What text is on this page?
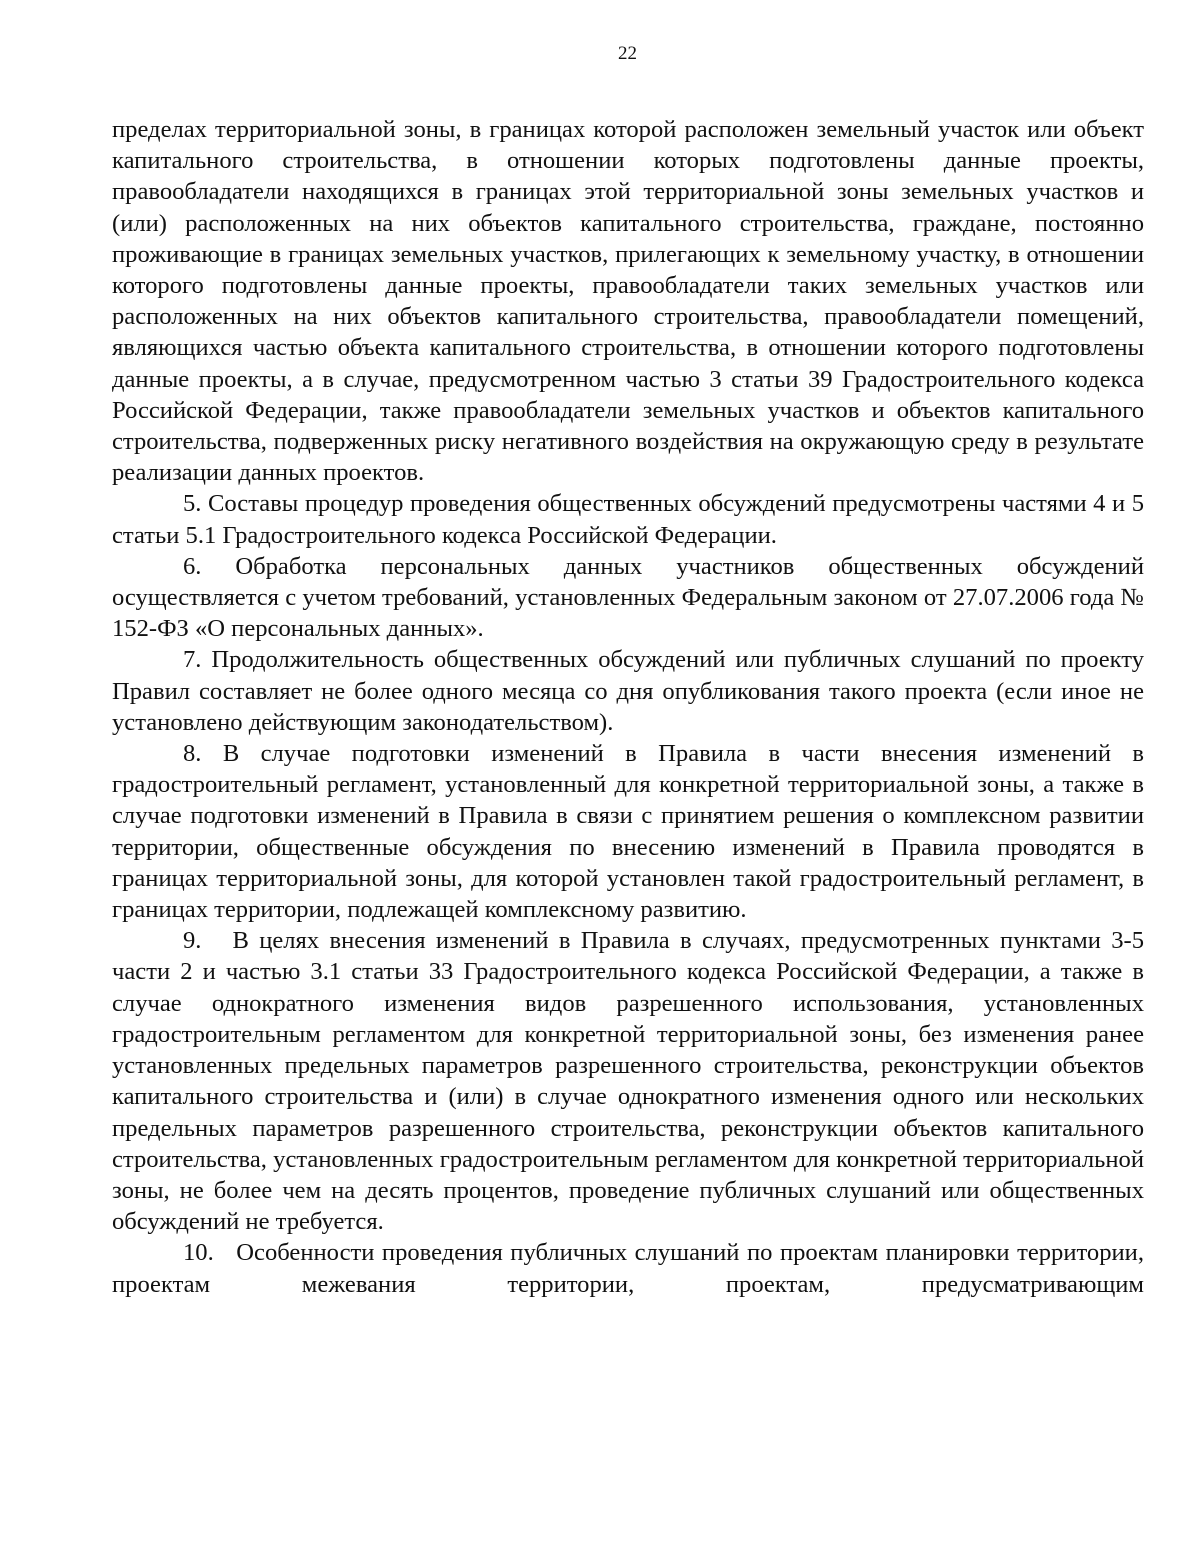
22

пределах территориальной зоны, в границах которой расположен земельный участок или объект капитального строительства, в отношении которых подготовлены данные проекты, правообладатели находящихся в границах этой территориальной зоны земельных участков и (или) расположенных на них объектов капитального строительства, граждане, постоянно проживающие в границах земельных участков, прилегающих к земельному участку, в отношении которого подготовлены данные проекты, правообладатели таких земельных участков или расположенных на них объектов капитального строительства, правообладатели помещений, являющихся частью объекта капитального строительства, в отношении которого подготовлены данные проекты, а в случае, предусмотренном частью 3 статьи 39 Градостроительного кодекса Российской Федерации, также правообладатели земельных участков и объектов капитального строительства, подверженных риску негативного воздействия на окружающую среду в результате реализации данных проектов.

5. Составы процедур проведения общественных обсуждений предусмотрены частями 4 и 5 статьи 5.1 Градостроительного кодекса Российской Федерации.

6. Обработка персональных данных участников общественных обсуждений осуществляется с учетом требований, установленных Федеральным законом от 27.07.2006 года № 152-ФЗ «О персональных данных».

7. Продолжительность общественных обсуждений или публичных слушаний по проекту Правил составляет не более одного месяца со дня опубликования такого проекта (если иное не установлено действующим законодательством).

8. В случае подготовки изменений в Правила в части внесения изменений в градостроительный регламент, установленный для конкретной территориальной зоны, а также в случае подготовки изменений в Правила в связи с принятием решения о комплексном развитии территории, общественные обсуждения по внесению изменений в Правила проводятся в границах территориальной зоны, для которой установлен такой градостроительный регламент, в границах территории, подлежащей комплексному развитию.

9.   В целях внесения изменений в Правила в случаях, предусмотренных пунктами 3-5 части 2 и частью 3.1 статьи 33 Градостроительного кодекса Российской Федерации, а также в случае однократного изменения видов разрешенного использования, установленных градостроительным регламентом для конкретной территориальной зоны, без изменения ранее установленных предельных параметров разрешенного строительства, реконструкции объектов капитального строительства и (или) в случае однократного изменения одного или нескольких предельных параметров разрешенного строительства, реконструкции объектов капитального строительства, установленных градостроительным регламентом для конкретной территориальной зоны, не более чем на десять процентов, проведение публичных слушаний или общественных обсуждений не требуется.

10.   Особенности проведения публичных слушаний по проектам планировки территории, проектам межевания территории, проектам, предусматривающим
